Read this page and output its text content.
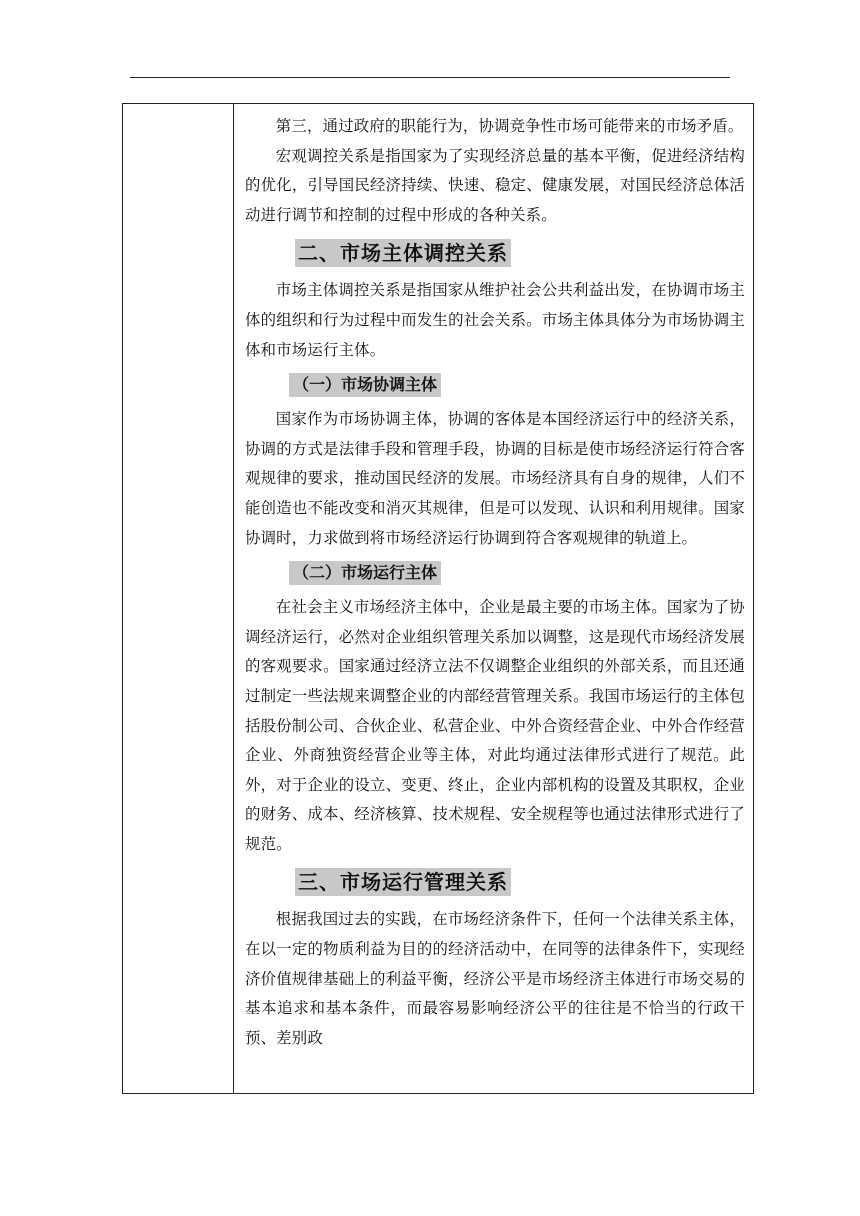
第三，通过政府的职能行为，协调竞争性市场可能带来的市场矛盾。

宏观调控关系是指国家为了实现经济总量的基本平衡，促进经济结构的优化，引导国民经济持续、快速、稳定、健康发展，对国民经济总体活动进行调节和控制的过程中形成的各种关系。

二、市场主体调控关系

市场主体调控关系是指国家从维护社会公共利益出发，在协调市场主体的组织和行为过程中而发生的社会关系。市场主体具体分为市场协调主体和市场运行主体。

（一）市场协调主体

国家作为市场协调主体，协调的客体是本国经济运行中的经济关系，协调的方式是法律手段和管理手段，协调的目标是使市场经济运行符合客观规律的要求，推动国民经济的发展。市场经济具有自身的规律，人们不能创造也不能改变和消灭其规律，但是可以发现、认识和利用规律。国家协调时，力求做到将市场经济运行协调到符合客观规律的轨道上。

（二）市场运行主体

在社会主义市场经济主体中，企业是最主要的市场主体。国家为了协调经济运行，必然对企业组织管理关系加以调整，这是现代市场经济发展的客观要求。国家通过经济立法不仅调整企业组织的外部关系，而且还通过制定一些法规来调整企业的内部经营管理关系。我国市场运行的主体包括股份制公司、合伙企业、私营企业、中外合资经营企业、中外合作经营企业、外商独资经营企业等主体，对此均通过法律形式进行了规范。此外，对于企业的设立、变更、终止，企业内部机构的设置及其职权，企业的财务、成本、经济核算、技术规程、安全规程等也通过法律形式进行了规范。

三、市场运行管理关系

根据我国过去的实践，在市场经济条件下，任何一个法律关系主体，在以一定的物质利益为目的的经济活动中，在同等的法律条件下，实现经济价值规律基础上的利益平衡，经济公平是市场经济主体进行市场交易的基本追求和基本条件，而最容易影响经济公平的往往是不恰当的行政干预、差别政
